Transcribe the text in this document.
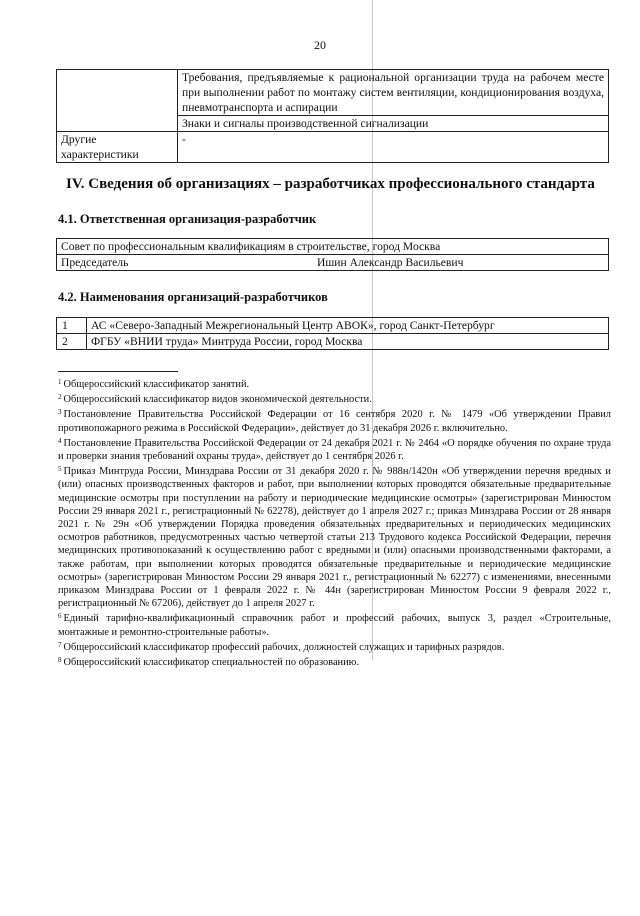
20
	Требования, предъявляемые к рациональной организации труда на рабочем месте при выполнении работ по монтажу систем вентиляции, кондиционирования воздуха, пневмотранспорта и аспирации
	Знаки и сигналы производственной сигнализации
Другие характеристики	-
IV. Сведения об организациях – разработчиках профессионального стандарта
4.1. Ответственная организация-разработчик
Совет по профессиональным квалификациям в строительстве, город Москва
Председатель	Ишин Александр Васильевич
4.2. Наименования организаций-разработчиков
1	АС «Северо-Западный Межрегиональный Центр АВОК», город Санкт-Петербург
2	ФГБУ «ВНИИ труда» Минтруда России, город Москва

$^1$ Общероссийский классификатор занятий.

$^2$ Общероссийский классификатор видов экономической деятельности.

$^3$ Постановление Правительства Российской Федерации от 16 сентября 2020 г. № 1479 «Об утверждении Правил противопожарного режима в Российской Федерации», действует до 31 декабря 2026 г. включительно.

$^4$ Постановление Правительства Российской Федерации от 24 декабря 2021 г. № 2464 «О порядке обучения по охране труда и проверки знания требований охраны труда», действует до 1 сентября 2026 г.

$^5$ Приказ Минтруда России, Минздрава России от 31 декабря 2020 г. № 988н/1420н «Об утверждении перечня вредных и (или) опасных производственных факторов и работ, при выполнении которых проводятся обязательные предварительные медицинские осмотры при поступлении на работу и периодические медицинские осмотры» (зарегистрирован Минюстом России 29 января 2021 г., регистрационный № 62278), действует до 1 апреля 2027 г.; приказ Минздрава России от 28 января 2021 г. № 29н «Об утверждении Порядка проведения обязательных предварительных и периодических медицинских осмотров работников, предусмотренных частью четвертой статьи 213 Трудового кодекса Российской Федерации, перечня медицинских противопоказаний к осуществлению работ с вредными и (или) опасными производственными факторами, а также работам, при выполнении которых проводятся обязательные предварительные и периодические медицинские осмотры» (зарегистрирован Минюстом России 29 января 2021 г., регистрационный № 62277) с изменениями, внесенными приказом Минздрава России от 1 февраля 2022 г. № 44н (зарегистрирован Минюстом России 9 февраля 2022 г., регистрационный № 67206), действует до 1 апреля 2027 г.

$^6$ Единый тарифно-квалификационный справочник работ и профессий рабочих, выпуск 3, раздел «Строительные, монтажные и ремонтно-строительные работы».

$^7$ Общероссийский классификатор профессий рабочих, должностей служащих и тарифных разрядов.

$^8$ Общероссийский классификатор специальностей по образованию.
